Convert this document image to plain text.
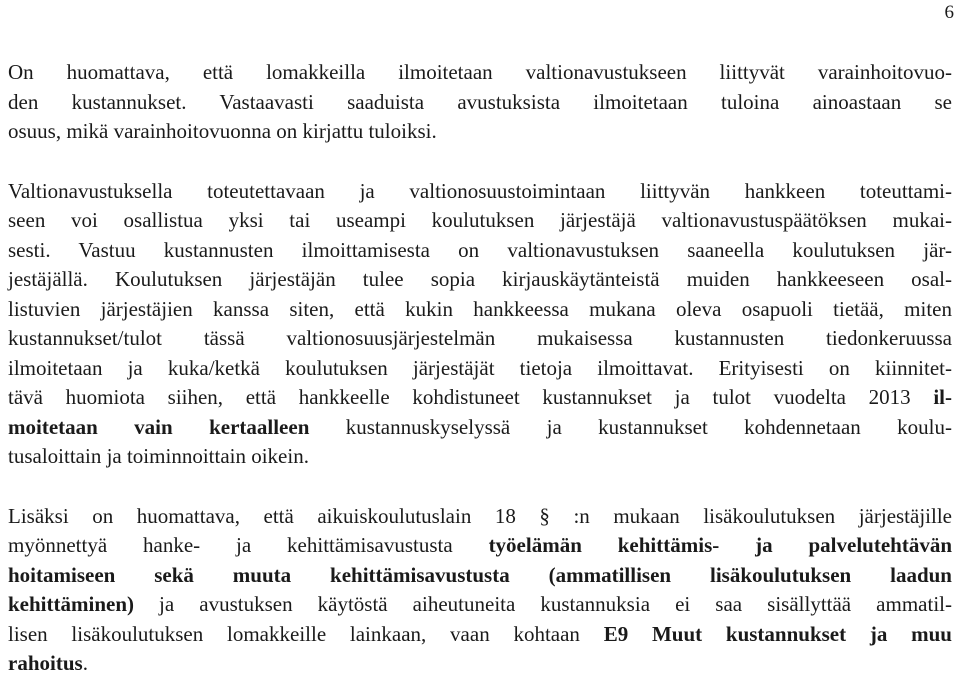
6

On huomattava, että lomakkeilla ilmoitetaan valtionavustukseen liittyvät varainhoitovuo-
den kustannukset. Vastaavasti saaduista avustuksista ilmoitetaan tuloina ainoastaan se
osuus, mikä varainhoitovuonna on kirjattu tuloiksi.

Valtionavustuksella toteutettavaan ja valtionosuustoimintaan liittyvän hankkeen toteuttami-
seen voi osallistua yksi tai useampi koulutuksen järjestäjä valtionavustuspäätöksen mukai-
sesti. Vastuu kustannusten ilmoittamisesta on valtionavustuksen saaneella koulutuksen jär-
jestäjällä. Koulutuksen järjestäjän tulee sopia kirjauskäytänteistä muiden hankkeeseen osal-
listuvien järjestäjien kanssa siten, että kukin hankkeessa mukana oleva osapuoli tietää, miten
kustannukset/tulot tässä valtionosuusjärjestelmän mukaisessa kustannusten tiedonkeruussa
ilmoitetaan ja kuka/ketkä koulutuksen järjestäjät tietoja ilmoittavat. Erityisesti on kiinnitet-
tävä huomiota siihen, että hankkeelle kohdistuneet kustannukset ja tulot vuodelta 2013 il-
moitetaan vain kertaalleen kustannuskyselyssä ja kustannukset kohdennetaan koulu-
tusaloittain ja toiminnoittain oikein.

Lisäksi on huomattava, että aikuiskoulutuslain 18 § :n mukaan lisäkoulutuksen järjestäjille
myönnettyä hanke- ja kehittämisavustusta työelämän kehittämis- ja palvelutehtävän
hoitamiseen sekä muuta kehittämisavustusta (ammatillisen lisäkoulutuksen laadun
kehittäminen) ja avustuksen käytöstä aiheutuneita kustannuksia ei saa sisällyttää ammatil-
lisen lisäkoulutuksen lomakkeille lainkaan, vaan kohtaan E9 Muut kustannukset ja muu
rahoitus.
